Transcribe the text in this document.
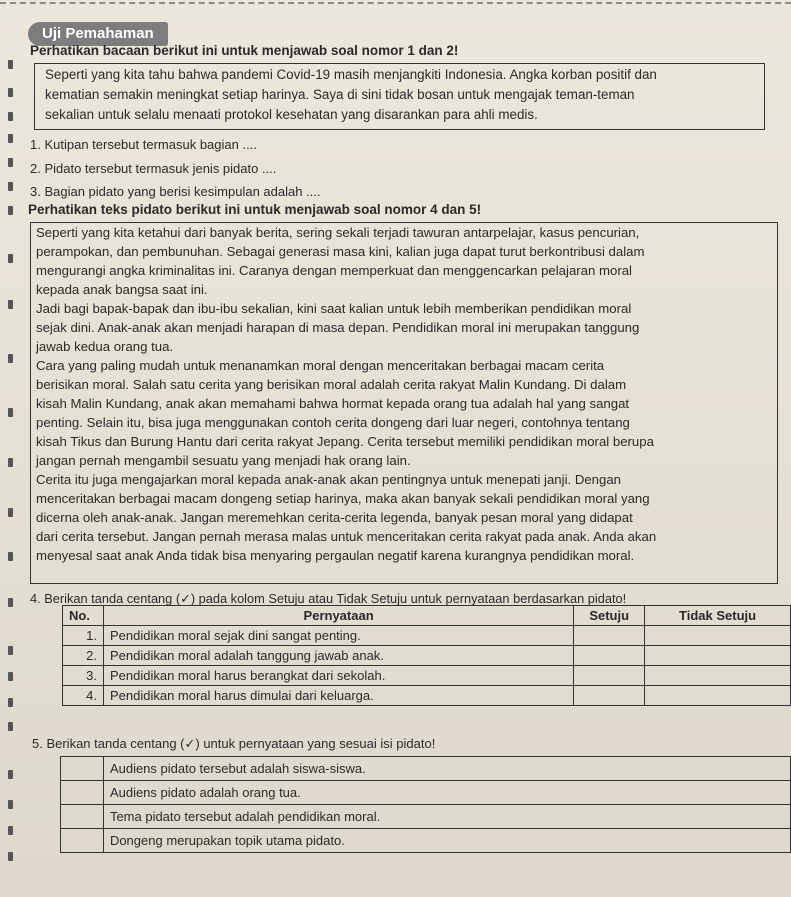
Uji Pemahaman
Perhatikan bacaan berikut ini untuk menjawab soal nomor 1 dan 2!
Seperti yang kita tahu bahwa pandemi Covid-19 masih menjangkiti Indonesia. Angka korban positif dan
kematian semakin meningkat setiap harinya. Saya di sini tidak bosan untuk mengajak teman-teman
sekalian untuk selalu menaati protokol kesehatan yang disarankan para ahli medis.
1. Kutipan tersebut termasuk bagian ....
2. Pidato tersebut termasuk jenis pidato ....
3. Bagian pidato yang berisi kesimpulan adalah ....
Perhatikan teks pidato berikut ini untuk menjawab soal nomor 4 dan 5!
Seperti yang kita ketahui dari banyak berita, sering sekali terjadi tawuran antarpelajar, kasus pencurian,
perampokan, dan pembunuhan. Sebagai generasi masa kini, kalian juga dapat turut berkontribusi dalam
mengurangi angka kriminalitas ini. Caranya dengan memperkuat dan menggencarkan pelajaran moral
kepada anak bangsa saat ini.
Jadi bagi bapak-bapak dan ibu-ibu sekalian, kini saat kalian untuk lebih memberikan pendidikan moral
sejak dini. Anak-anak akan menjadi harapan di masa depan. Pendidikan moral ini merupakan tanggung
jawab kedua orang tua.
Cara yang paling mudah untuk menanamkan moral dengan menceritakan berbagai macam cerita
berisikan moral. Salah satu cerita yang berisikan moral adalah cerita rakyat Malin Kundang. Di dalam
kisah Malin Kundang, anak akan memahami bahwa hormat kepada orang tua adalah hal yang sangat
penting. Selain itu, bisa juga menggunakan contoh cerita dongeng dari luar negeri, contohnya tentang
kisah Tikus dan Burung Hantu dari cerita rakyat Jepang. Cerita tersebut memiliki pendidikan moral berupa
jangan pernah mengambil sesuatu yang menjadi hak orang lain.
Cerita itu juga mengajarkan moral kepada anak-anak akan pentingnya untuk menepati janji. Dengan
menceritakan berbagai macam dongeng setiap harinya, maka akan banyak sekali pendidikan moral yang
dicerna oleh anak-anak. Jangan meremehkan cerita-cerita legenda, banyak pesan moral yang didapat
dari cerita tersebut. Jangan pernah merasa malas untuk menceritakan cerita rakyat pada anak. Anda akan
menyesal saat anak Anda tidak bisa menyaring pergaulan negatif karena kurangnya pendidikan moral.
4. Berikan tanda centang (✓) pada kolom Setuju atau Tidak Setuju untuk pernyataan berdasarkan pidato!
No.	Pernyataan	Setuju	Tidak Setuju
1.	Pendidikan moral sejak dini sangat penting.		
2.	Pendidikan moral adalah tanggung jawab anak.		
3.	Pendidikan moral harus berangkat dari sekolah.		
4.	Pendidikan moral harus dimulai dari keluarga.		
5. Berikan tanda centang (✓) untuk pernyataan yang sesuai isi pidato!
	Audiens pidato tersebut adalah siswa-siswa.
	Audiens pidato adalah orang tua.
	Tema pidato tersebut adalah pendidikan moral.
	Dongeng merupakan topik utama pidato.
